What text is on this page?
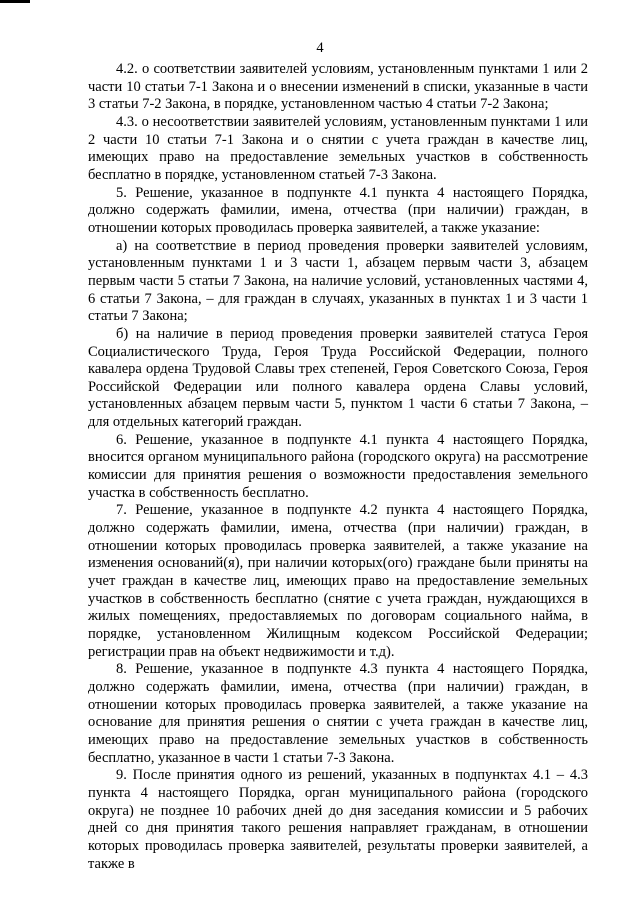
4

4.2. о соответствии заявителей условиям, установленным пунктами 1 или 2 части 10 статьи 7-1 Закона и о внесении изменений в списки, указанные в части 3 статьи 7-2 Закона, в порядке, установленном частью 4 статьи 7-2 Закона;

4.3. о несоответствии заявителей условиям, установленным пунктами 1 или 2 части 10 статьи 7-1 Закона и о снятии с учета граждан в качестве лиц, имеющих право на предоставление земельных участков в собственность бесплатно в порядке, установленном статьей 7-3 Закона.

5. Решение, указанное в подпункте 4.1 пункта 4 настоящего Порядка, должно содержать фамилии, имена, отчества (при наличии) граждан, в отношении которых проводилась проверка заявителей, а также указание:

а) на соответствие в период проведения проверки заявителей условиям, установленным пунктами 1 и 3 части 1, абзацем первым части 3, абзацем первым части 5 статьи 7 Закона, на наличие условий, установленных частями 4, 6 статьи 7 Закона, – для граждан в случаях, указанных в пунктах 1 и 3 части 1 статьи 7 Закона;

б) на наличие в период проведения проверки заявителей статуса Героя Социалистического Труда, Героя Труда Российской Федерации, полного кавалера ордена Трудовой Славы трех степеней, Героя Советского Союза, Героя Российской Федерации или полного кавалера ордена Славы условий, установленных абзацем первым части 5, пунктом 1 части 6 статьи 7 Закона, – для отдельных категорий граждан.

6. Решение, указанное в подпункте 4.1 пункта 4 настоящего Порядка, вносится органом муниципального района (городского округа) на рассмотрение комиссии для принятия решения о возможности предоставления земельного участка в собственность бесплатно.

7. Решение, указанное в подпункте 4.2 пункта 4 настоящего Порядка, должно содержать фамилии, имена, отчества (при наличии) граждан, в отношении которых проводилась проверка заявителей, а также указание на изменения оснований(я), при наличии которых(ого) граждане были приняты на учет граждан в качестве лиц, имеющих право на предоставление земельных участков в собственность бесплатно (снятие с учета граждан, нуждающихся в жилых помещениях, предоставляемых по договорам социального найма, в порядке, установленном Жилищным кодексом Российской Федерации; регистрации прав на объект недвижимости и т.д).

8. Решение, указанное в подпункте 4.3 пункта 4 настоящего Порядка, должно содержать фамилии, имена, отчества (при наличии) граждан, в отношении которых проводилась проверка заявителей, а также указание на основание для принятия решения о снятии с учета граждан в качестве лиц, имеющих право на предоставление земельных участков в собственность бесплатно, указанное в части 1 статьи 7-3 Закона.

9. После принятия одного из решений, указанных в подпунктах 4.1 – 4.3 пункта 4 настоящего Порядка, орган муниципального района (городского округа) не позднее 10 рабочих дней до дня заседания комиссии и 5 рабочих дней со дня принятия такого решения направляет гражданам, в отношении которых проводилась проверка заявителей, результаты проверки заявителей, а также в
